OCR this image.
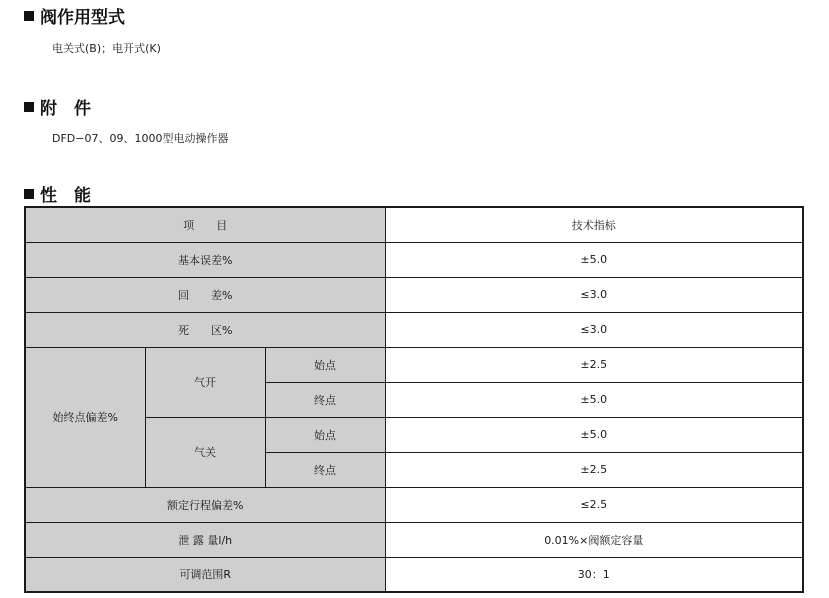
阀作用型式
电关式(B)；电开式(K)
附　件
DFD−07、09、1000型电动操作器
性　能
项　　目			技术指标
基本误差%			±5.0
回　　差%			≤3.0
死　　区%			≤3.0
始终点偏差%	气开	始点	±2.5
		终点	±5.0
	气关	始点	±5.0
		终点	±2.5
额定行程偏差%			≤2.5
泄 露 量l/h			0.01%×阀额定容量
可调范围R			30：1
